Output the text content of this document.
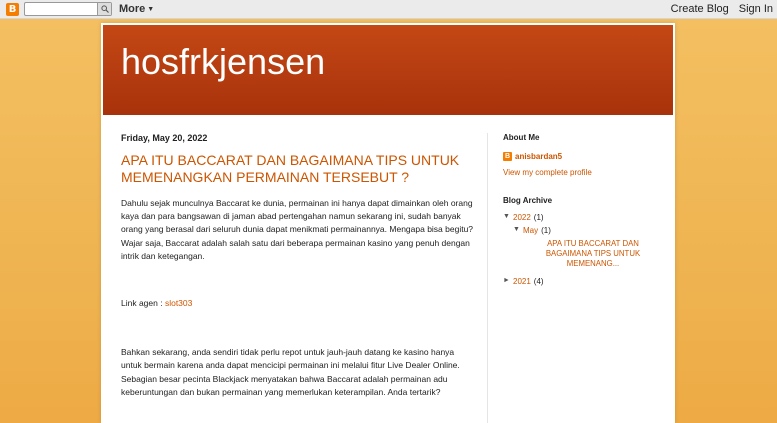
B	More ▼	Create Blog Sign In
hosfrkjensen
Friday, May 20, 2022
APA ITU BACCARAT DAN BAGAIMANA TIPS UNTUK MEMENANGKAN PERMAINAN TERSEBUT ?

Dahulu sejak munculnya Baccarat ke dunia, permainan ini hanya dapat dimainkan oleh orang kaya dan para bangsawan di jaman abad pertengahan namun sekarang ini, sudah banyak orang yang berasal dari seluruh dunia dapat menikmati permainannya. Mengapa bisa begitu? Wajar saja, Baccarat adalah salah satu dari beberapa permainan kasino yang penuh dengan intrik dan ketegangan.

Link agen : slot303

Bahkan sekarang, anda sendiri tidak perlu repot untuk jauh-jauh datang ke kasino hanya untuk bermain karena anda dapat mencicipi permainan ini melalui fitur Live Dealer Online. Sebagian besar pecinta Blackjack menyatakan bahwa Baccarat adalah permainan adu keberuntungan dan bukan permainan yang memerlukan keterampilan. Anda tertarik?

About Me
B anisbardan5
View my complete profile
Blog Archive
▼ 2022 (1)
▼ May (1)
APA ITU BACCARAT DAN BAGAIMANA TIPS UNTUK MEMENANG...
► 2021 (4)
